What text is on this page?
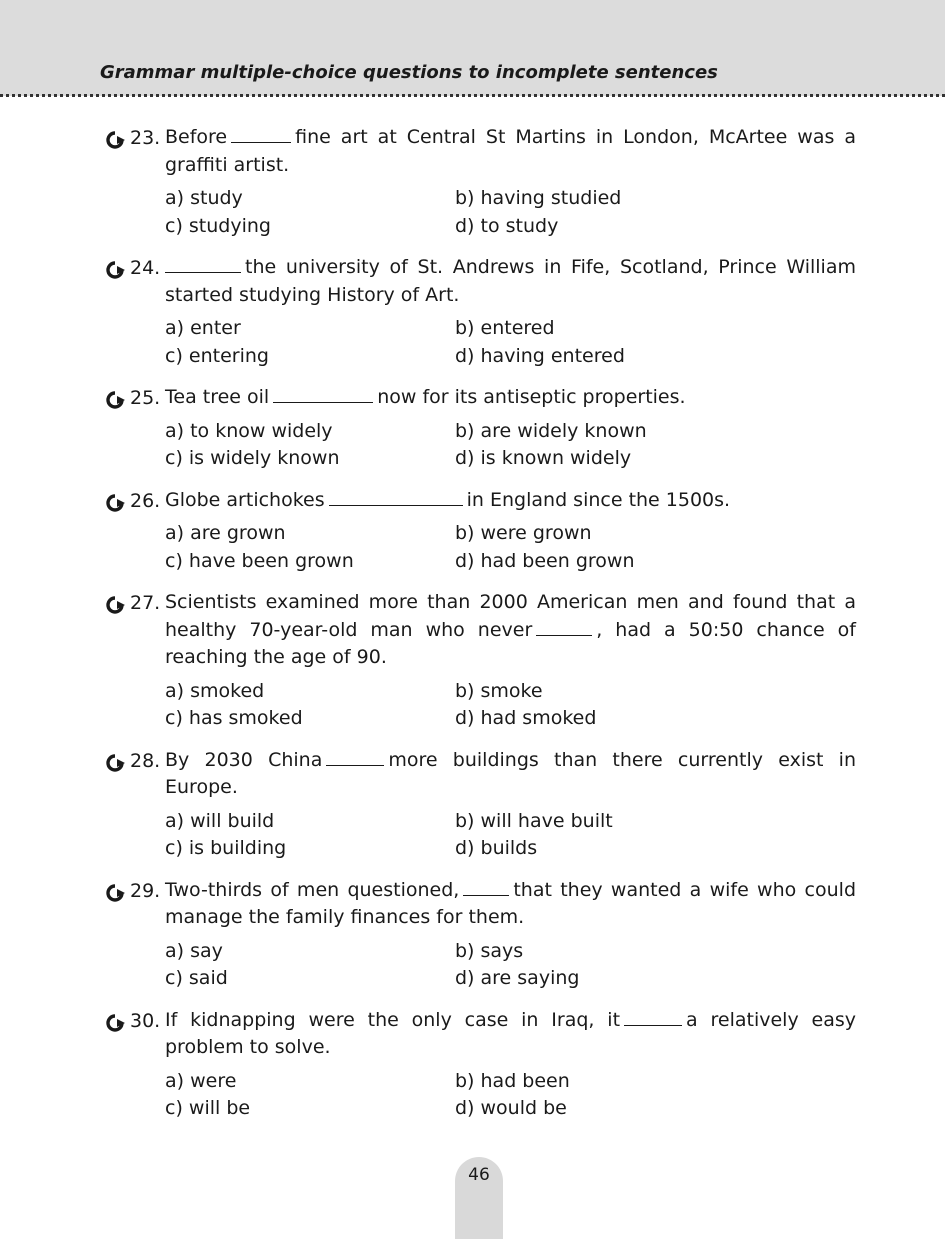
Grammar multiple-choice questions to incomplete sentences
23. Before	fine art at Central St Martins in London, McArtee was a graffiti artist.
a) study	b) having studied
c) studying	d) to study
24.	the university of St. Andrews in Fife, Scotland, Prince William started studying History of Art.
a) enter	b) entered
c) entering	d) having entered
25. Tea tree oil	now for its antiseptic properties.
a) to know widely	b) are widely known
c) is widely known	d) is known widely
26. Globe artichokes	in England since the 1500s.
a) are grown	b) were grown
c) have been grown	d) had been grown
27. Scientists examined more than 2000 American men and found that a healthy 70-year-old man who never	, had a 50:50 chance of reaching the age of 90.
a) smoked	b) smoke
c) has smoked	d) had smoked
28. By 2030 China	more buildings than there currently exist in Europe.
a) will build	b) will have built
c) is building	d) builds
29. Two-thirds of men questioned,	that they wanted a wife who could manage the family finances for them.
a) say	b) says
c) said	d) are saying
30. If kidnapping were the only case in Iraq, it	a relatively easy problem to solve.
a) were	b) had been
c) will be	d) would be
46
